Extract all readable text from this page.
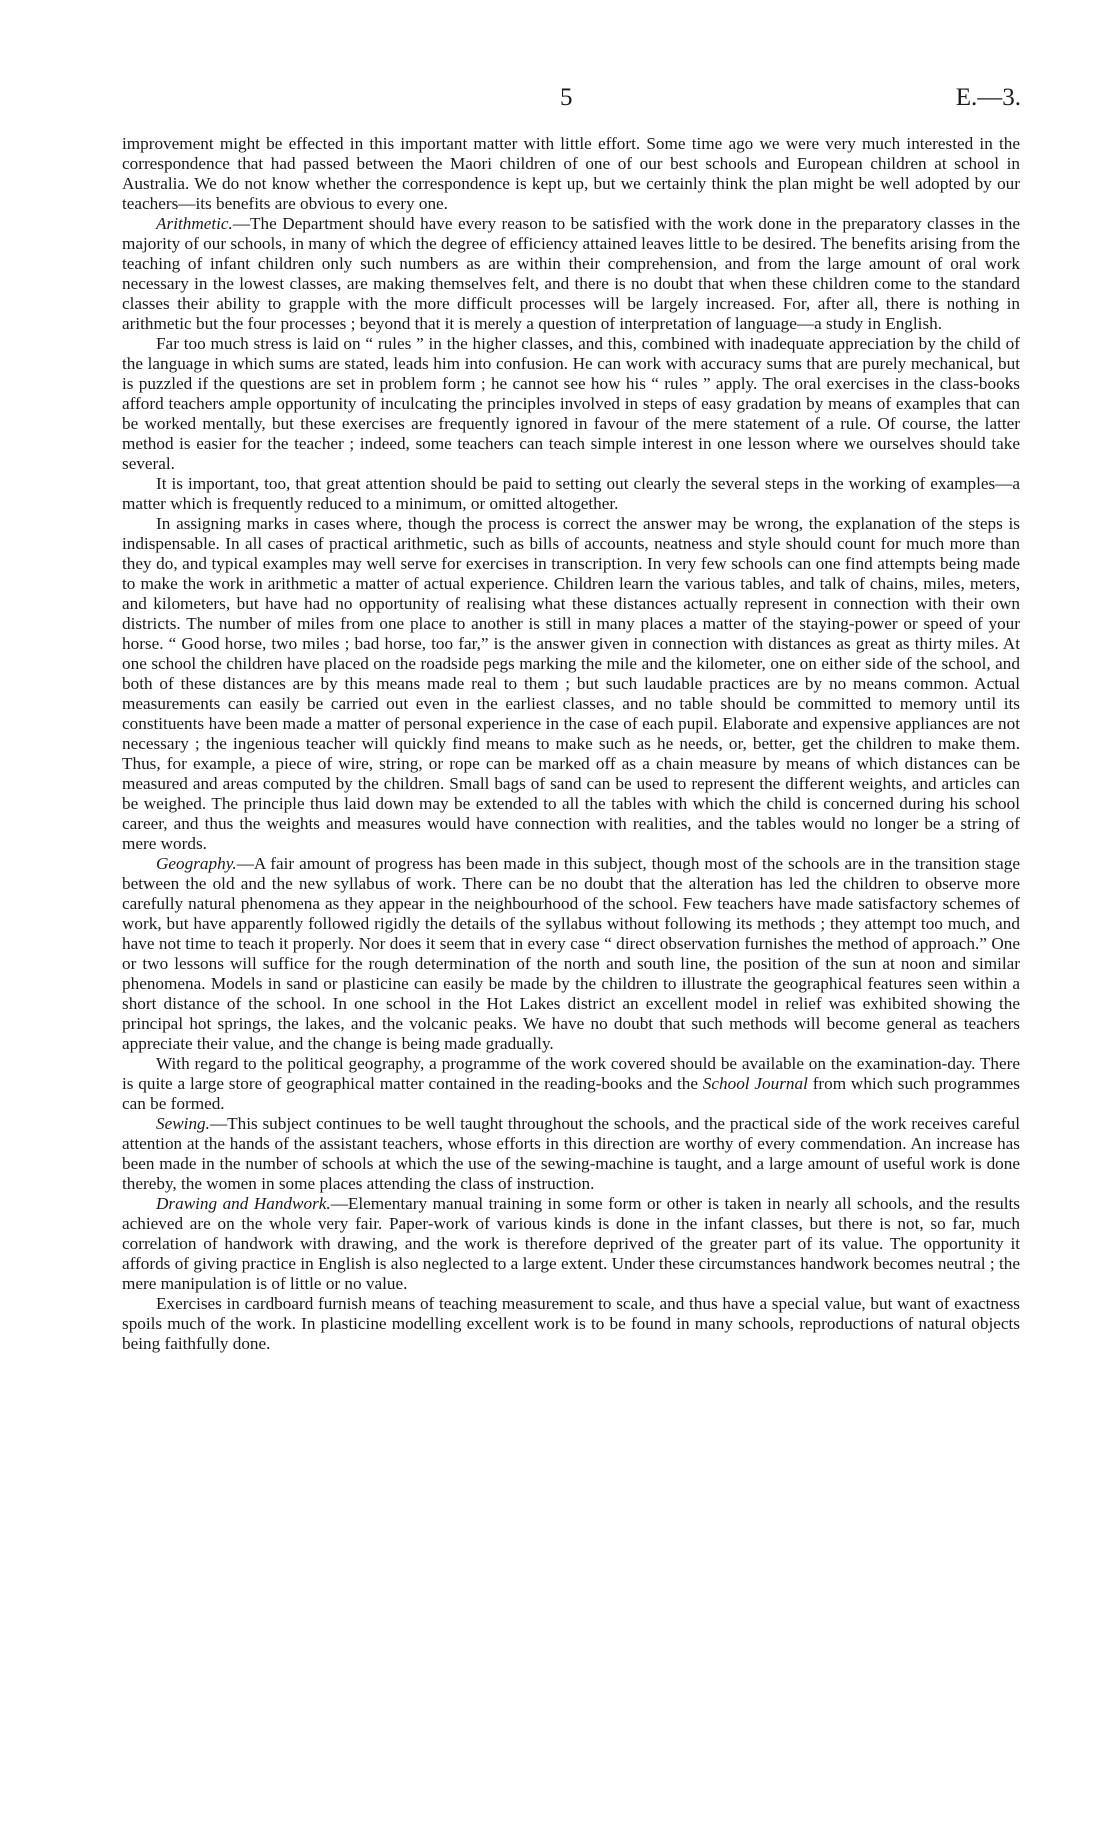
5	E.—3.

improvement might be effected in this important matter with little effort. Some time ago we were very much interested in the correspondence that had passed between the Maori children of one of our best schools and European children at school in Australia. We do not know whether the correspondence is kept up, but we certainly think the plan might be well adopted by our teachers—its benefits are obvious to every one.

Arithmetic.—The Department should have every reason to be satisfied with the work done in the preparatory classes in the majority of our schools, in many of which the degree of efficiency attained leaves little to be desired. The benefits arising from the teaching of infant children only such numbers as are within their comprehension, and from the large amount of oral work necessary in the lowest classes, are making themselves felt, and there is no doubt that when these children come to the standard classes their ability to grapple with the more difficult processes will be largely increased. For, after all, there is nothing in arithmetic but the four processes ; beyond that it is merely a question of interpretation of language—a study in English.

Far too much stress is laid on “ rules ” in the higher classes, and this, combined with inadequate appreciation by the child of the language in which sums are stated, leads him into confusion. He can work with accuracy sums that are purely mechanical, but is puzzled if the questions are set in problem form ; he cannot see how his “ rules ” apply. The oral exercises in the class-books afford teachers ample opportunity of inculcating the principles involved in steps of easy gradation by means of examples that can be worked mentally, but these exercises are frequently ignored in favour of the mere statement of a rule. Of course, the latter method is easier for the teacher ; indeed, some teachers can teach simple interest in one lesson where we ourselves should take several.

It is important, too, that great attention should be paid to setting out clearly the several steps in the working of examples—a matter which is frequently reduced to a minimum, or omitted altogether.

In assigning marks in cases where, though the process is correct the answer may be wrong, the explanation of the steps is indispensable. In all cases of practical arithmetic, such as bills of accounts, neatness and style should count for much more than they do, and typical examples may well serve for exercises in transcription. In very few schools can one find attempts being made to make the work in arithmetic a matter of actual experience. Children learn the various tables, and talk of chains, miles, meters, and kilometers, but have had no opportunity of realising what these distances actually represent in connection with their own districts. The number of miles from one place to another is still in many places a matter of the staying-power or speed of your horse. “ Good horse, two miles ; bad horse, too far,” is the answer given in connection with distances as great as thirty miles. At one school the children have placed on the roadside pegs marking the mile and the kilometer, one on either side of the school, and both of these distances are by this means made real to them ; but such laudable practices are by no means common. Actual measurements can easily be carried out even in the earliest classes, and no table should be committed to memory until its constituents have been made a matter of personal experience in the case of each pupil. Elaborate and expensive appliances are not necessary ; the ingenious teacher will quickly find means to make such as he needs, or, better, get the children to make them. Thus, for example, a piece of wire, string, or rope can be marked off as a chain measure by means of which distances can be measured and areas computed by the children. Small bags of sand can be used to represent the different weights, and articles can be weighed. The principle thus laid down may be extended to all the tables with which the child is concerned during his school career, and thus the weights and measures would have connection with realities, and the tables would no longer be a string of mere words.

Geography.—A fair amount of progress has been made in this subject, though most of the schools are in the transition stage between the old and the new syllabus of work. There can be no doubt that the alteration has led the children to observe more carefully natural phenomena as they appear in the neighbourhood of the school. Few teachers have made satisfactory schemes of work, but have apparently followed rigidly the details of the syllabus without following its methods ; they attempt too much, and have not time to teach it properly. Nor does it seem that in every case “ direct observation furnishes the method of approach.” One or two lessons will suffice for the rough determination of the north and south line, the position of the sun at noon and similar phenomena. Models in sand or plasticine can easily be made by the children to illustrate the geographical features seen within a short distance of the school. In one school in the Hot Lakes district an excellent model in relief was exhibited showing the principal hot springs, the lakes, and the volcanic peaks. We have no doubt that such methods will become general as teachers appreciate their value, and the change is being made gradually.

With regard to the political geography, a programme of the work covered should be available on the examination-day. There is quite a large store of geographical matter contained in the reading-books and the School Journal from which such programmes can be formed.

Sewing.—This subject continues to be well taught throughout the schools, and the practical side of the work receives careful attention at the hands of the assistant teachers, whose efforts in this direction are worthy of every commendation. An increase has been made in the number of schools at which the use of the sewing-machine is taught, and a large amount of useful work is done thereby, the women in some places attending the class of instruction.

Drawing and Handwork.—Elementary manual training in some form or other is taken in nearly all schools, and the results achieved are on the whole very fair. Paper-work of various kinds is done in the infant classes, but there is not, so far, much correlation of handwork with drawing, and the work is therefore deprived of the greater part of its value. The opportunity it affords of giving practice in English is also neglected to a large extent. Under these circumstances handwork becomes neutral ; the mere manipulation is of little or no value.

Exercises in cardboard furnish means of teaching measurement to scale, and thus have a special value, but want of exactness spoils much of the work. In plasticine modelling excellent work is to be found in many schools, reproductions of natural objects being faithfully done.
